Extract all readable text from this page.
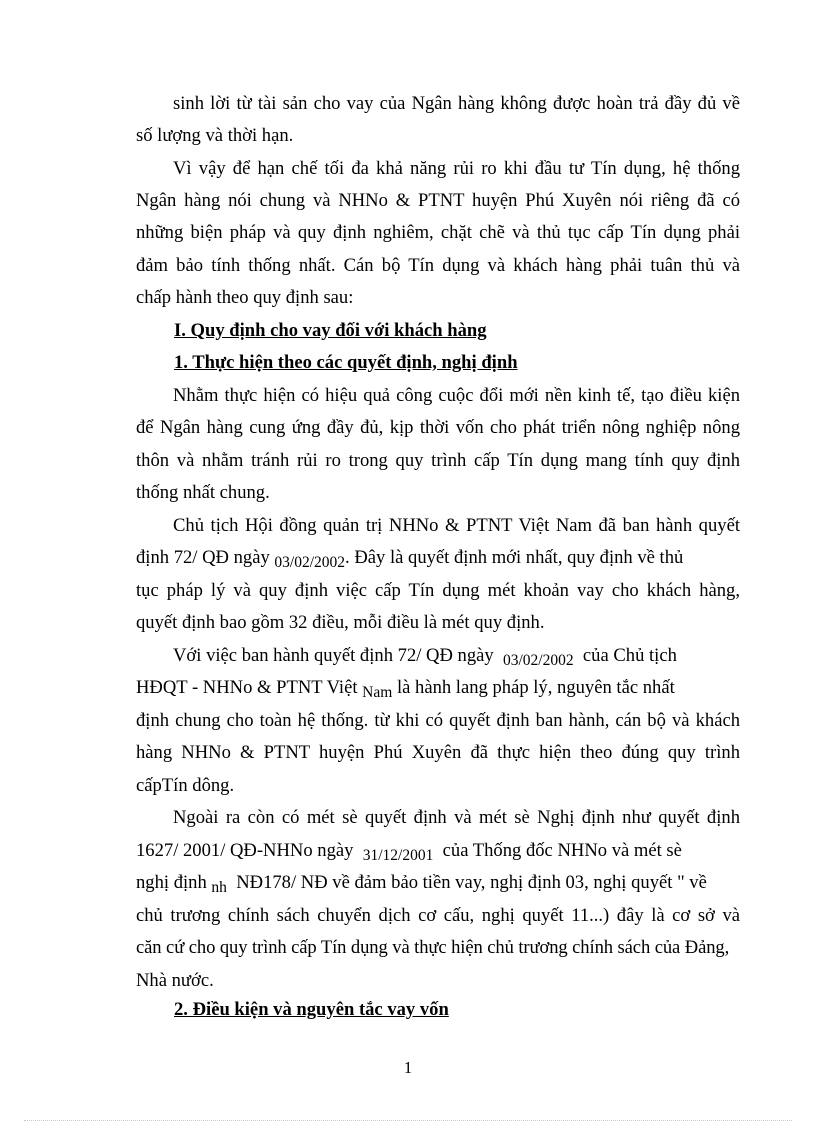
sinh lời từ tài sản cho vay của Ngân hàng không được hoàn trả đầy đủ về
số lượng và thời hạn.
Vì vậy để hạn chế tối đa khả năng rủi ro khi đầu tư Tín dụng, hệ thống
Ngân hàng nói chung và NHNo & PTNT huyện Phú Xuyên nói riêng đã có
những biện pháp và quy định nghiêm, chặt chẽ và thủ tục cấp Tín dụng phải
đảm bảo tính thống nhất. Cán bộ Tín dụng và khách hàng phải tuân thủ và
chấp hành theo quy định sau:
I. Quy định cho vay đối với khách hàng
1. Thực hiện theo các quyết định, nghị định
Nhằm thực hiện có hiệu quả công cuộc đổi mới nền kinh tế, tạo điều kiện
để Ngân hàng cung ứng đầy đủ, kịp thời vốn cho phát triển nông nghiệp nông
thôn và nhằm tránh rủi ro trong quy trình cấp Tín dụng mang tính quy định
thống nhất chung.
Chủ tịch Hội đồng quản trị NHNo & PTNT Việt Nam đã ban hành quyết
định 72/ QĐ ngày $_{03/02/2002}$. Đây là quyết định mới nhất, quy định về thủ
tục pháp lý và quy định việc cấp Tín dụng mét khoản vay cho khách hàng,
quyết định bao gồm 32 điều, mỗi điều là mét quy định.
Với việc ban hành quyết định 72/ QĐ ngày $_{03/02/2002}$ của Chủ tịch
HĐQT - NHNo & PTNT Việt $_{Nam}$ là hành lang pháp lý, nguyên tắc nhất
định chung cho toàn hệ thống. từ khi có quyết định ban hành, cán bộ và khách
hàng NHNo & PTNT huyện Phú Xuyên đã thực hiện theo đúng quy trình
cấpTín dông.
Ngoài ra còn có mét sè quyết định và mét sè Nghị định như quyết định
1627/ 2001/ QĐ-NHNo ngày $_{31/12/2001}$ của Thống đốc NHNo và mét sè
nghị định $_{nh}$ NĐ178/ NĐ về đảm bảo tiền vay, nghị định 03, nghị quyết " về
chủ trương chính sách chuyển dịch cơ cấu, nghị quyết 11...) đây là cơ sở và
căn cứ cho quy trình cấp Tín dụng và thực hiện chủ trương chính sách của Đảng,
Nhà nước.
2. Điều kiện và nguyên tắc vay vốn
1
